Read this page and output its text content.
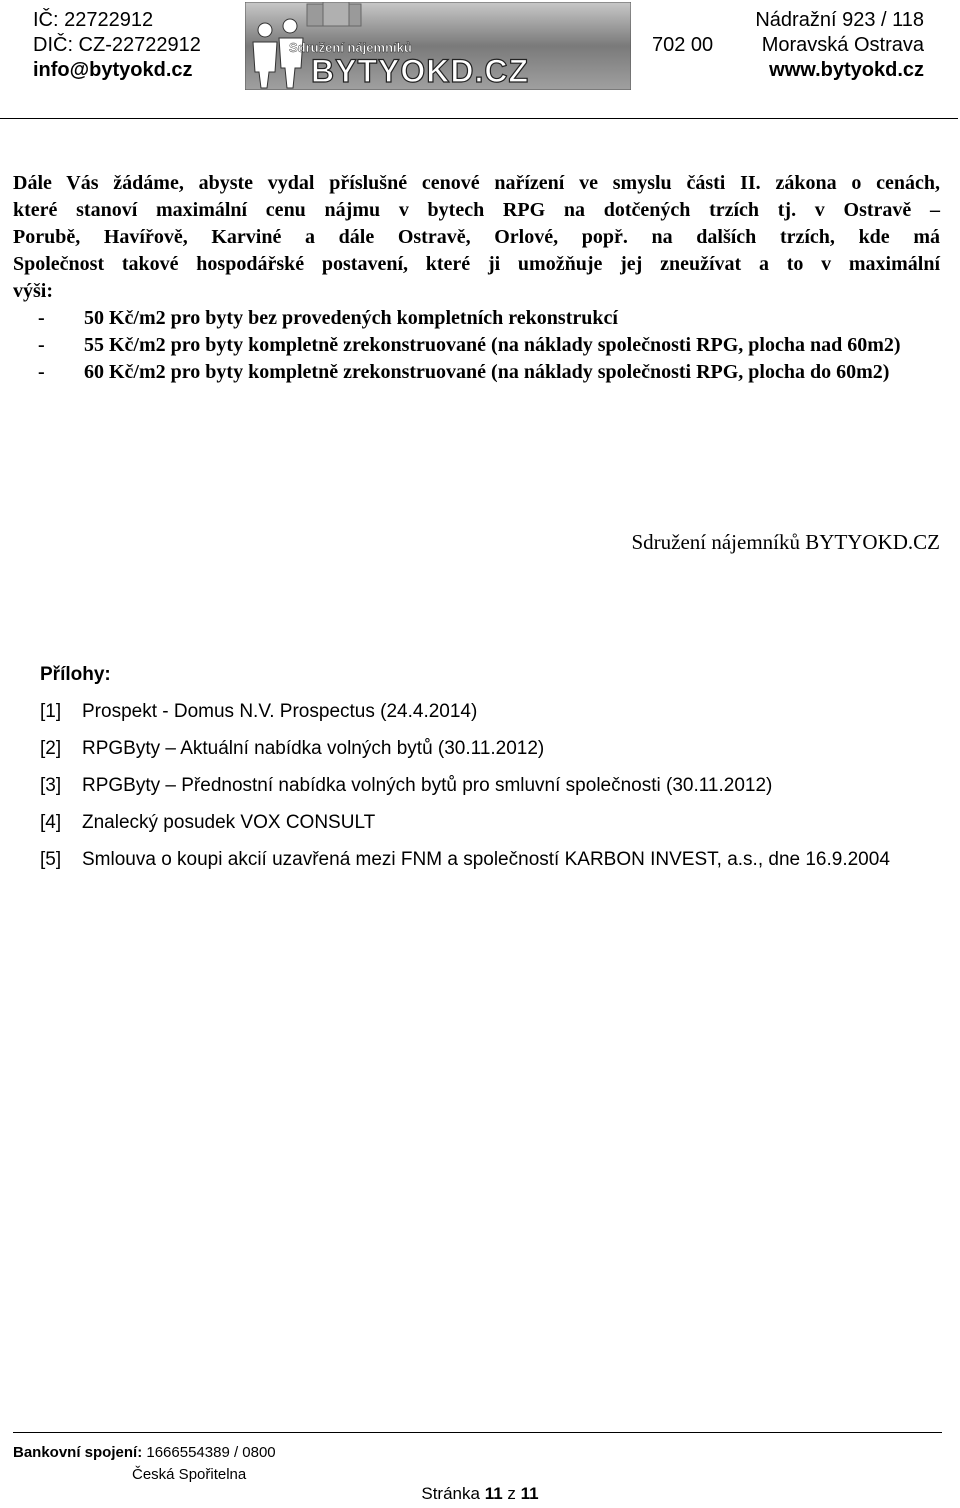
IČ: 22722912
DIČ: CZ-22722912
info@bytyokd.cz
Sdružení nájemníků
BYTYOKD.CZ
Nádražní 923 / 118
702 00 Moravská Ostrava
www.bytyokd.cz
Dále Vás žádáme, abyste vydal příslušné cenové nařízení ve smyslu části II. zákona o cenách,
které stanoví maximální cenu nájmu v bytech RPG na dotčených trzích tj. v Ostravě –
Porubě, Havířově, Karviné a dále Ostravě, Orlové, popř. na dalších trzích, kde má
Společnost takové hospodářské postavení, které ji umožňuje jej zneužívat a to v maximální
výši:
-	50 Kč/m2 pro byty bez provedených kompletních rekonstrukcí
-	55 Kč/m2 pro byty kompletně zrekonstruované (na náklady společnosti RPG, plocha nad 60m2)
-	60 Kč/m2 pro byty kompletně zrekonstruované (na náklady společnosti RPG, plocha do 60m2)
Sdružení nájemníků BYTYOKD.CZ
Přílohy:
[1]	Prospekt - Domus N.V. Prospectus (24.4.2014)
[2]	RPGByty – Aktuální nabídka volných bytů (30.11.2012)
[3]	RPGByty – Přednostní nabídka volných bytů pro smluvní společnosti (30.11.2012)
[4]	Znalecký posudek VOX CONSULT
[5] Smlouva o koupi akcií uzavřená mezi FNM a společností KARBON INVEST, a.s., dne 16.9.2004
Bankovní spojení: 1666554389 / 0800
Česká Spořitelna
Stránka 11 z 11
